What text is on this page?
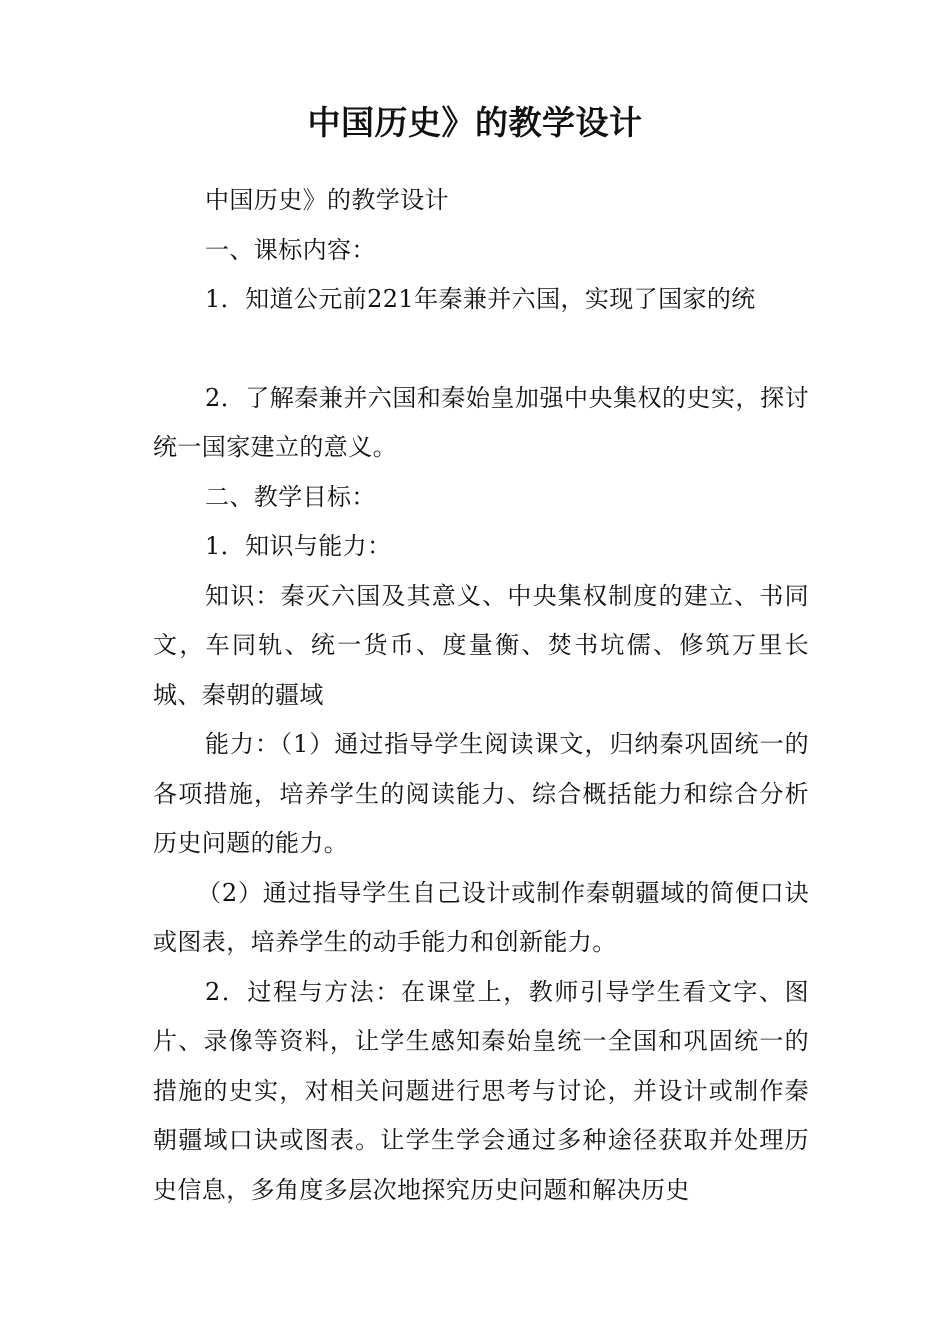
中国历史》的教学设计

中国历史》的教学设计

一、课标内容：

1．知道公元前221年秦兼并六国，实现了国家的统

2．了解秦兼并六国和秦始皇加强中央集权的史实，探讨统一国家建立的意义。

二、教学目标：

1．知识与能力：

知识：秦灭六国及其意义、中央集权制度的建立、书同文，车同轨、统一货币、度量衡、焚书坑儒、修筑万里长城、秦朝的疆域

能力：（1）通过指导学生阅读课文，归纳秦巩固统一的各项措施，培养学生的阅读能力、综合概括能力和综合分析历史问题的能力。

（2）通过指导学生自己设计或制作秦朝疆域的简便口诀或图表，培养学生的动手能力和创新能力。

2．过程与方法：在课堂上，教师引导学生看文字、图片、录像等资料，让学生感知秦始皇统一全国和巩固统一的措施的史实，对相关问题进行思考与讨论，并设计或制作秦朝疆域口诀或图表。让学生学会通过多种途径获取并处理历史信息，多角度多层次地探究历史问题和解决历史
